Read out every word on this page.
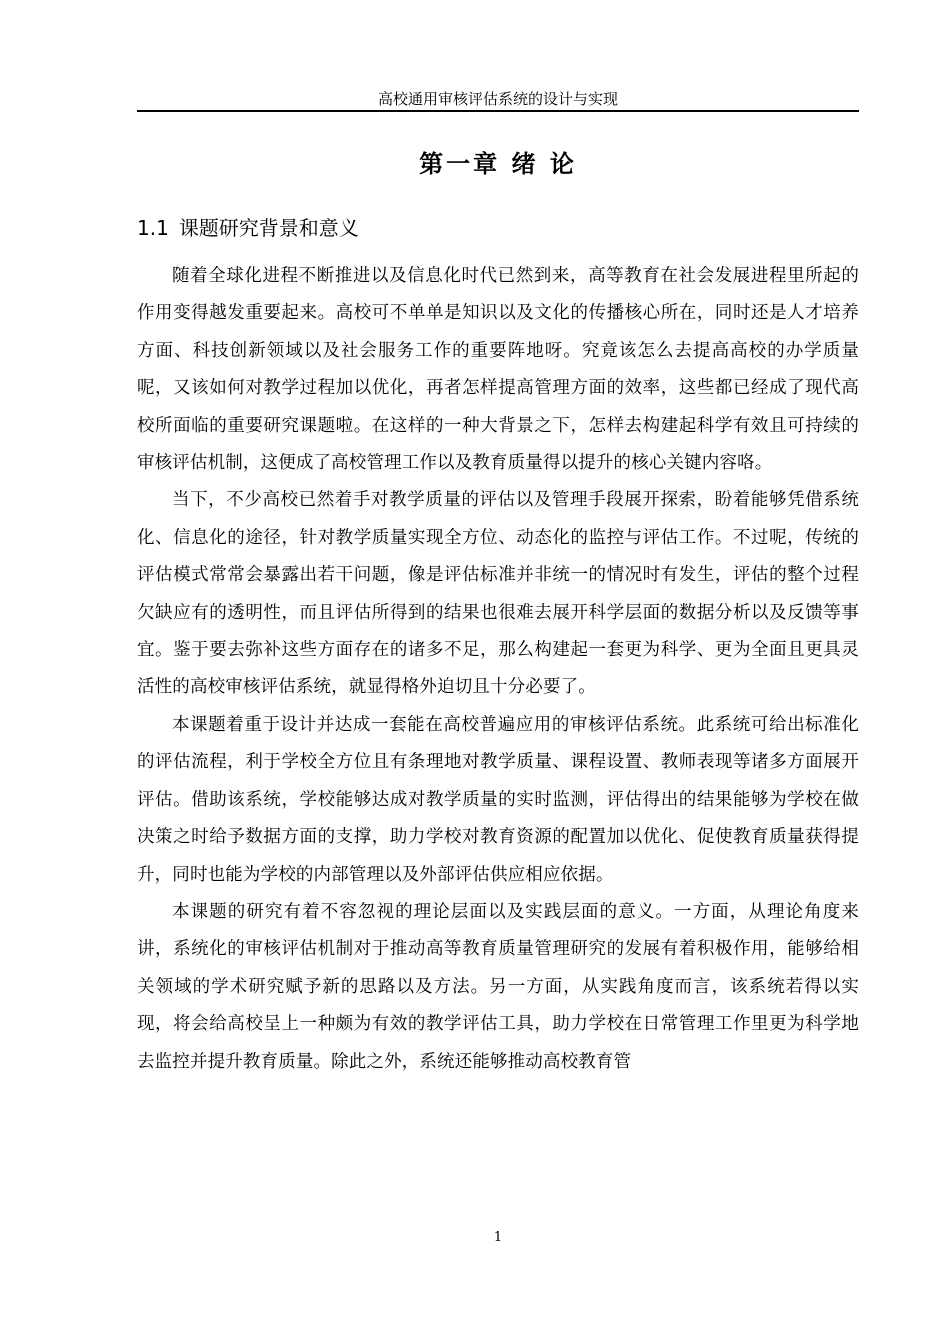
高校通用审核评估系统的设计与实现
第一章 绪 论
1.1 课题研究背景和意义

随着全球化进程不断推进以及信息化时代已然到来，高等教育在社会发展进程里所起的作用变得越发重要起来。高校可不单单是知识以及文化的传播核心所在，同时还是人才培养方面、科技创新领域以及社会服务工作的重要阵地呀。究竟该怎么去提高高校的办学质量呢，又该如何对教学过程加以优化，再者怎样提高管理方面的效率，这些都已经成了现代高校所面临的重要研究课题啦。在这样的一种大背景之下，怎样去构建起科学有效且可持续的审核评估机制，这便成了高校管理工作以及教育质量得以提升的核心关键内容咯。

当下，不少高校已然着手对教学质量的评估以及管理手段展开探索，盼着能够凭借系统化、信息化的途径，针对教学质量实现全方位、动态化的监控与评估工作。不过呢，传统的评估模式常常会暴露出若干问题，像是评估标准并非统一的情况时有发生，评估的整个过程欠缺应有的透明性，而且评估所得到的结果也很难去展开科学层面的数据分析以及反馈等事宜。鉴于要去弥补这些方面存在的诸多不足，那么构建起一套更为科学、更为全面且更具灵活性的高校审核评估系统，就显得格外迫切且十分必要了。

本课题着重于设计并达成一套能在高校普遍应用的审核评估系统。此系统可给出标准化的评估流程，利于学校全方位且有条理地对教学质量、课程设置、教师表现等诸多方面展开评估。借助该系统，学校能够达成对教学质量的实时监测，评估得出的结果能够为学校在做决策之时给予数据方面的支撑，助力学校对教育资源的配置加以优化、促使教育质量获得提升，同时也能为学校的内部管理以及外部评估供应相应依据。

本课题的研究有着不容忽视的理论层面以及实践层面的意义。一方面，从理论角度来讲，系统化的审核评估机制对于推动高等教育质量管理研究的发展有着积极作用，能够给相关领域的学术研究赋予新的思路以及方法。另一方面，从实践角度而言，该系统若得以实现，将会给高校呈上一种颇为有效的教学评估工具，助力学校在日常管理工作里更为科学地去监控并提升教育质量。除此之外，系统还能够推动高校教育管

1
